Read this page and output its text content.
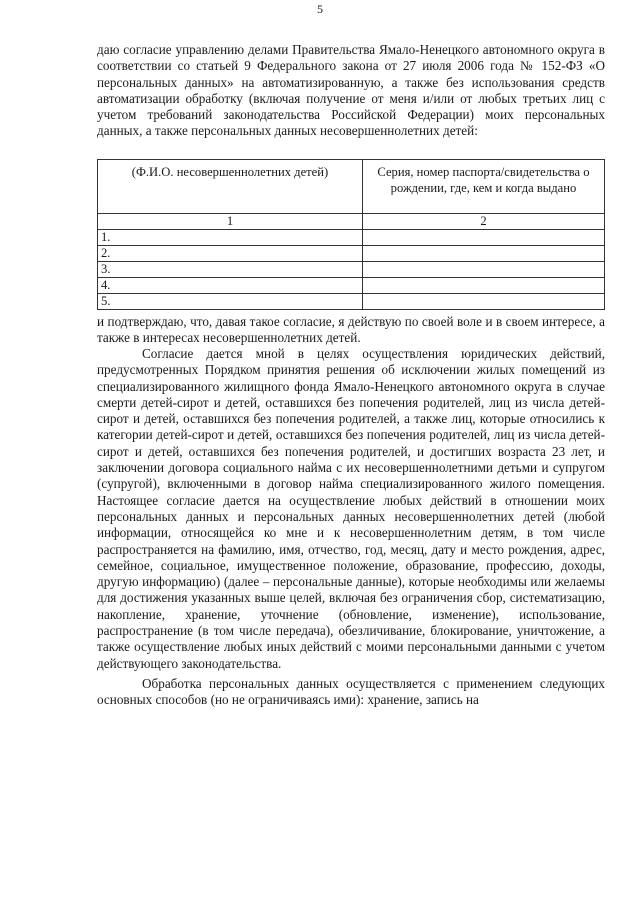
5

даю согласие управлению делами Правительства Ямало-Ненецкого автономного округа в соответствии со статьей 9 Федерального закона от 27 июля 2006 года № 152-ФЗ «О персональных данных» на автоматизированную, а также без использования средств автоматизации обработку (включая получение от меня и/или от любых третьих лиц с учетом требований законодательства Российской Федерации) моих персональных данных, а также персональных данных несовершеннолетних детей:

(Ф.И.О. несовершеннолетних детей)	Серия, номер паспорта/свидетельства о рождении, где, кем и когда выдано
1	2
1.	
2.	
3.	
4.	
5.	

и подтверждаю, что, давая такое согласие, я действую по своей воле и в своем интересе, а также в интересах несовершеннолетних детей.

Согласие дается мной в целях осуществления юридических действий, предусмотренных Порядком принятия решения об исключении жилых помещений из специализированного жилищного фонда Ямало-Ненецкого автономного округа в случае смерти детей-сирот и детей, оставшихся без попечения родителей, лиц из числа детей-сирот и детей, оставшихся без попечения родителей, а также лиц, которые относились к категории детей-сирот и детей, оставшихся без попечения родителей, лиц из числа детей-сирот и детей, оставшихся без попечения родителей, и достигших возраста 23 лет, и заключении договора социального найма с их несовершеннолетними детьми и супругом (супругой), включенными в договор найма специализированного жилого помещения. Настоящее согласие дается на осуществление любых действий в отношении моих персональных данных и персональных данных несовершеннолетних детей (любой информации, относящейся ко мне и к несовершеннолетним детям, в том числе распространяется на фамилию, имя, отчество, год, месяц, дату и место рождения, адрес, семейное, социальное, имущественное положение, образование, профессию, доходы, другую информацию) (далее – персональные данные), которые необходимы или желаемы для достижения указанных выше целей, включая без ограничения сбор, систематизацию, накопление, хранение, уточнение (обновление, изменение), использование, распространение (в том числе передача), обезличивание, блокирование, уничтожение, а также осуществление любых иных действий с моими персональными данными с учетом действующего законодательства.

Обработка персональных данных осуществляется с применением следующих основных способов (но не ограничиваясь ими): хранение, запись на
